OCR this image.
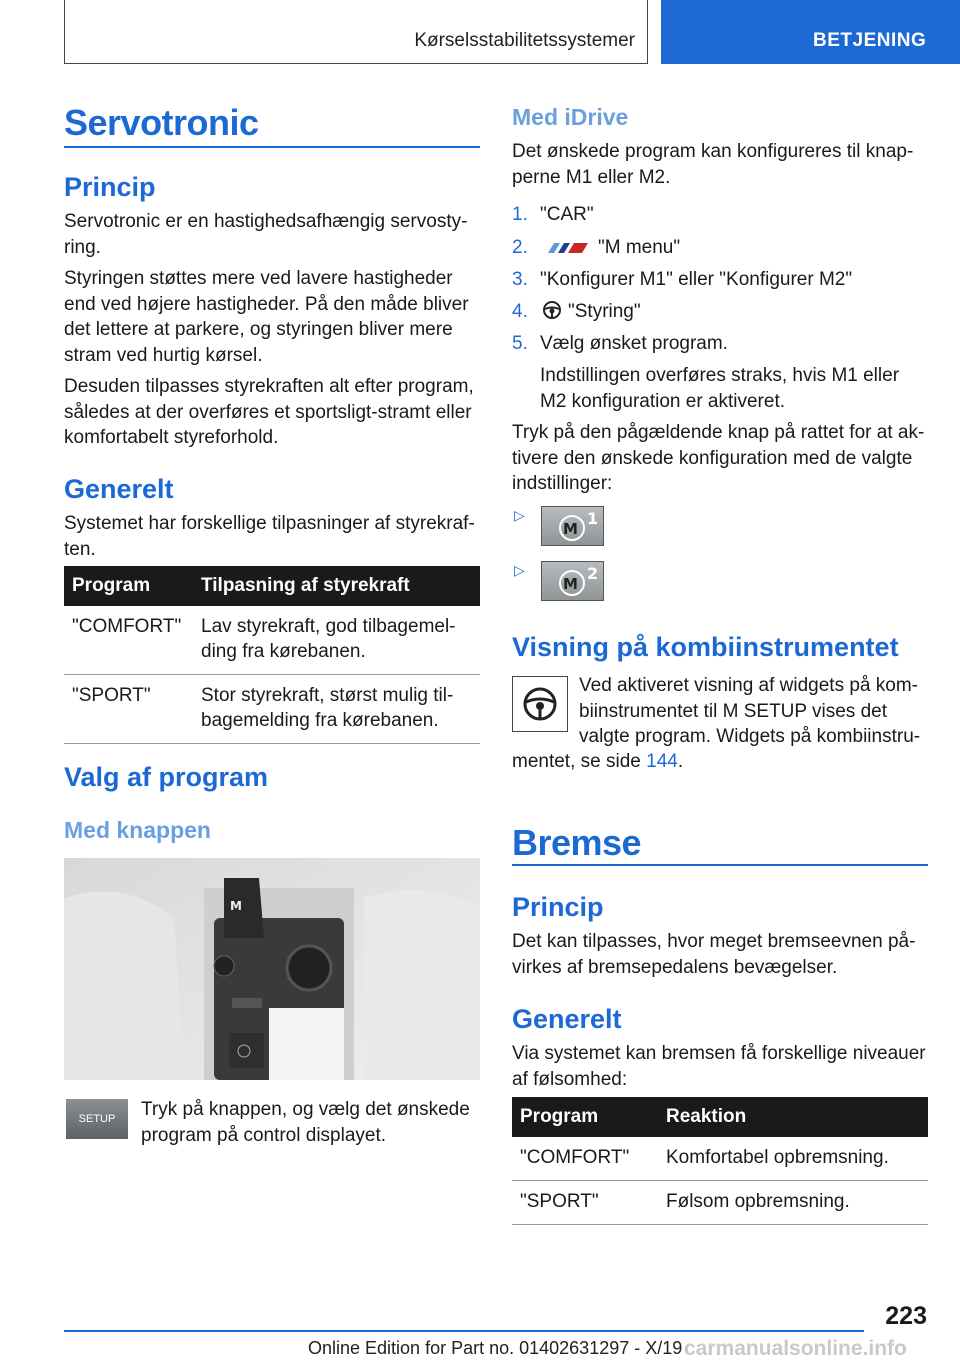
Kørselsstabilitetssystemer	BETJENING
Servotronic
Princip
Servotronic er en hastighedsafhængig servosty-
ring.
Styringen støttes mere ved lavere hastigheder
end ved højere hastigheder. På den måde bliver
det lettere at parkere, og styringen bliver mere
stram ved hurtig kørsel.
Desuden tilpasses styrekraften alt efter program,
således at der overføres et sportsligt-stramt eller
komfortabelt styreforhold.
Generelt
Systemet har forskellige tilpasninger af styrekraf-
ten.
Program	Tilpasning af styrekraft
"COMFORT"	Lav styrekraft, god tilbagemel-
ding fra kørebanen.
"SPORT"	Stor styrekraft, størst mulig til-
bagemelding fra kørebanen.
Valg af program
Med knappen
M
SETUP	Tryk på knappen, og vælg det ønskede
program på control displayet.
Med iDrive
Det ønskede program kan konfigureres til knap-
perne M1 eller M2.
1. "CAR"
2.	"M menu"
3. "Konfigurer M1" eller "Konfigurer M2"
4. "Styring"
5. Vælg ønsket program.
Indstillingen overføres straks, hvis M1 eller
M2 konfiguration er aktiveret.
Tryk på den pågældende knap på rattet for at ak-
tivere den ønskede konfiguration med de valgte
indstillinger:
▷
M
1
▷
M
2
Visning på kombiinstrumentet
Ved aktiveret visning af widgets på kom-
biinstrumentet til M SETUP vises det
valgte program. Widgets på kombiinstru-
mentet, se side 144.
Bremse
Princip
Det kan tilpasses, hvor meget bremseevnen på-
virkes af bremsepedalens bevægelser.
Generelt
Via systemet kan bremsen få forskellige niveauer
af følsomhed:
Program	Reaktion
"COMFORT"	Komfortabel opbremsning.
"SPORT"	Følsom opbremsning.
223
Online Edition for Part no. 01402631297 - X/19 carmanualsonline.info
